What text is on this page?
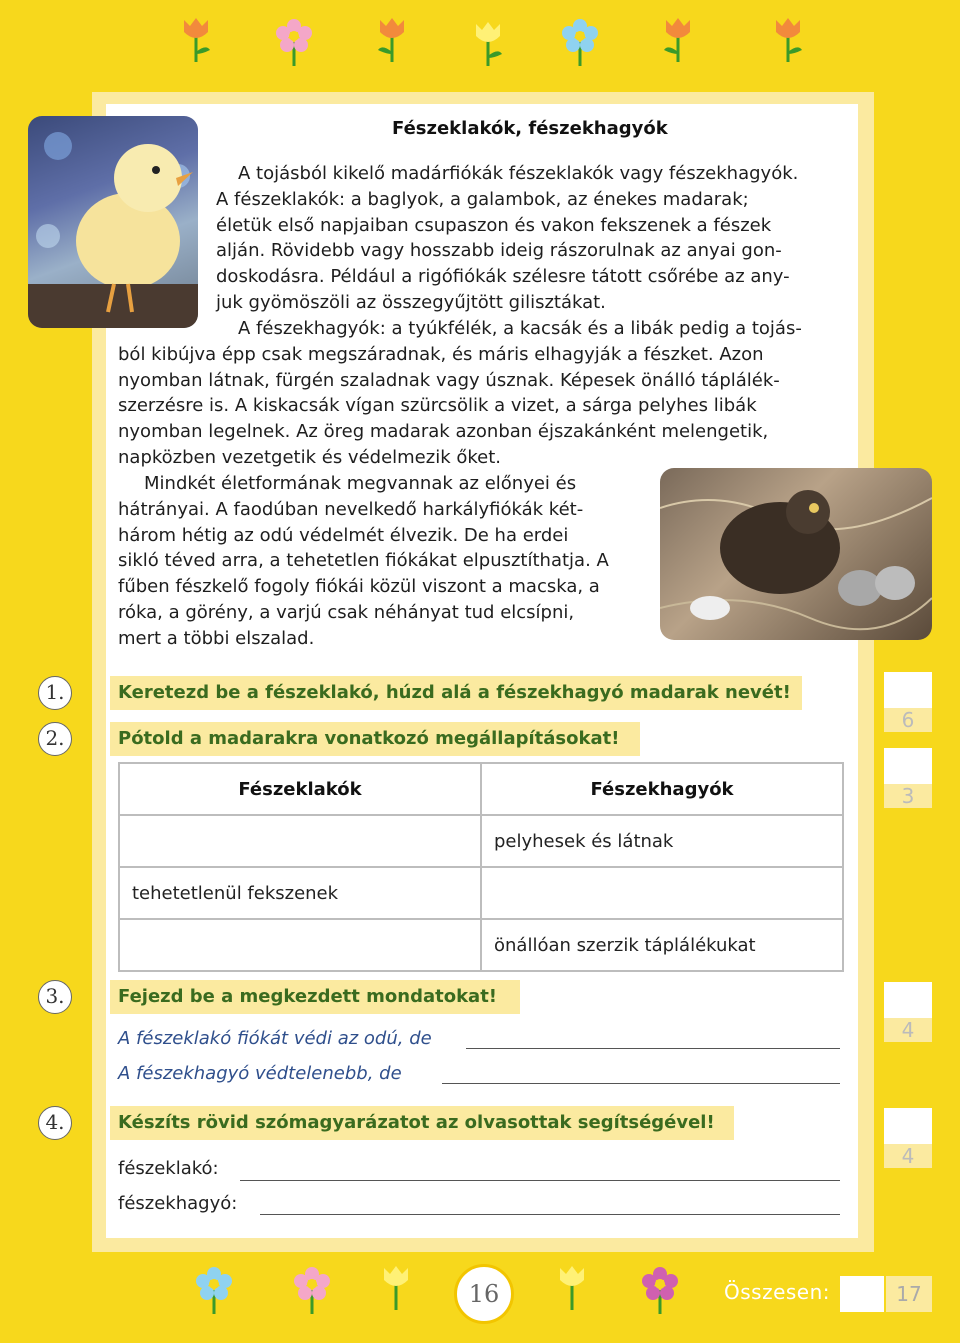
Fészeklakók, fészekhagyók

A tojásból kikelő madárfiókák fészeklakók vagy fészekhagyók.

A fészeklakók: a baglyok, a galambok, az énekes madarak;

életük első napjaiban csupaszon és vakon fekszenek a fészek

alján. Rövidebb vagy hosszabb ideig rászorulnak az anyai gon-

doskodásra. Például a rigófiókák szélesre tátott csőrébe az any-

juk gyömöszöli az összegyűjtött gilisztákat.

A fészekhagyók: a tyúkfélék, a kacsák és a libák pedig a tojás-

ból kibújva épp csak megszáradnak, és máris elhagyják a fészket. Azon

nyomban látnak, fürgén szaladnak vagy úsznak. Képesek önálló táplálék-

szerzésre is. A kiskacsák vígan szürcsölik a vizet, a sárga pelyhes libák

nyomban legelnek. Az öreg madarak azonban éjszakánként melengetik,

napközben vezetgetik és védelmezik őket.

Mindkét életformának megvannak az előnyei és

hátrányai. A faodúban nevelkedő harkályfiókák két-

három hétig az odú védelmét élvezik. De ha erdei

sikló téved arra, a tehetetlen fiókákat elpusztíthatja. A

fűben fészkelő fogoly fiókái közül viszont a macska, a

róka, a görény, a varjú csak néhányat tud elcsípni,

mert a többi elszalad.

1.	Keretezd be a fészeklakó, húzd alá a fészekhagyó madarak nevét!
2.	Pótold a madarakra vonatkozó megállapításokat!
Fészeklakók	Fészekhagyók
	pelyhesek és látnak
tehetetlenül fekszenek	
	önállóan szerzik táplálékukat
3.	Fejezd be a megkezdett mondatokat!
A fészeklakó fiókát védi az odú, de
A fészekhagyó védtelenebb, de
4.	Készíts rövid szómagyarázatot az olvasottak segítségével!
fészeklakó:
fészekhagyó:
6
3
4
4
16	Összesen:	17
